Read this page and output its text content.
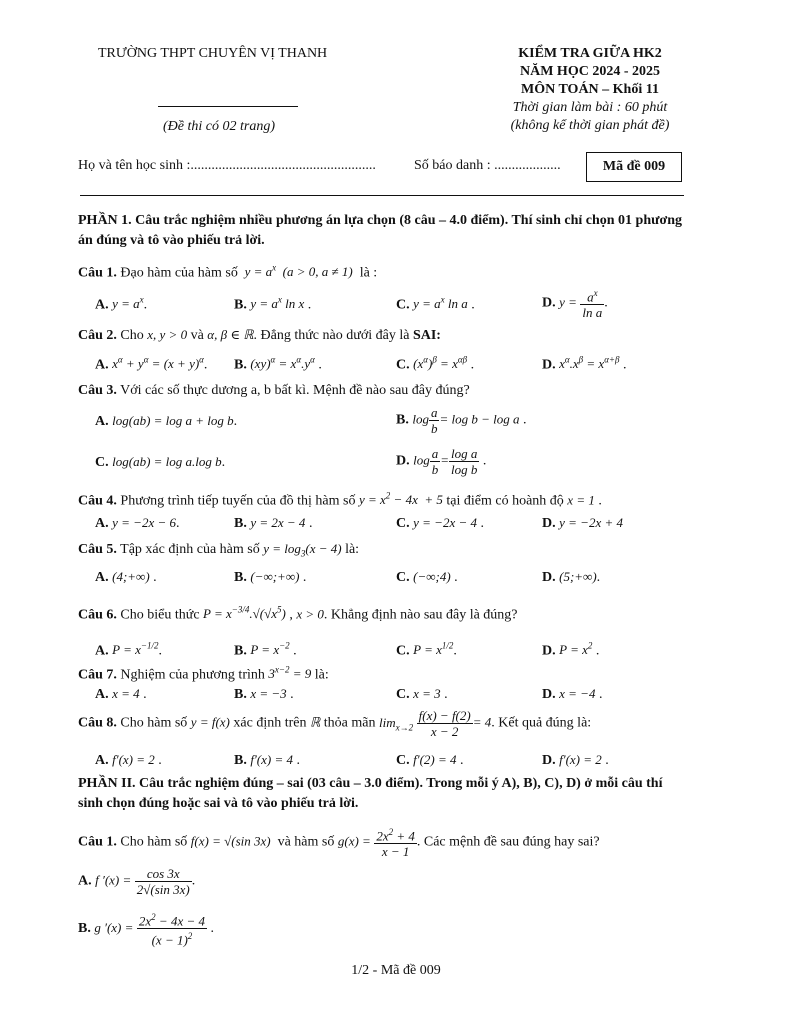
TRƯỜNG THPT CHUYÊN VỊ THANH
(Đề thi có 02 trang)
KIỂM TRA GIỮA HK2
NĂM HỌC 2024 - 2025
MÔN TOÁN – Khối 11
Thời gian làm bài : 60 phút
(không kể thời gian phát đề)
Họ và tên học sinh :.....................................................	Số báo danh : ...................	Mã đề 009
PHẦN 1. Câu trắc nghiệm nhiều phương án lựa chọn (8 câu – 4.0 điểm). Thí sinh chỉ chọn 01 phương
án đúng và tô vào phiếu trả lời.
Câu 1. Đạo hàm của hàm số  $y = a^x$  (a > 0, a ≠ 1) là :
A. $y = a^x$.	B. $y = a^x$ ln x .	C. $y = a^x$ ln a .	D. $y = \frac{a^x}{\text{ln a}}$ .
Câu 2. Cho x, y > 0 và α, β ∈ ℝ. Đẳng thức nào dưới đây là SAI:
A. $x^\alpha + y^\alpha = (x + y)^\alpha$. B. $(xy)^\alpha = x^\alpha.y^\alpha$ .	C. $(x^\alpha)^\beta = x^{\alpha\beta}$ .	D. $x^\alpha.x^\beta = x^{\alpha+\beta}$ .
Câu 3. Với các số thực dương a, b bất kì. Mệnh đề nào sau đây đúng?
A. log(ab) = log a + log b.	B. $\log \frac{a}{b} = \log b - \log a$ .
C. log(ab) = log a.log b.	D. $\log \frac{a}{b} = \frac{\text{log a}}{\text{log b}}$ .
Câu 4. Phương trình tiếp tuyến của đồ thị hàm số $y = x^2 - 4x + 5$ tại điểm có hoành độ x = 1 .
A. y = −2x − 6.	B. y = 2x − 4 .	C. y = −2x − 4 .	D. y = −2x + 4
Câu 5. Tập xác định của hàm số $y = \log_3(x - 4)$ là:
A. (4;+∞) .	B. (−∞;+∞) .	C. (−∞;4) .	D. (5;+∞).
Câu 6. Cho biểu thức $P = x^{-3/4}.√(√x^5)$ , x > 0. Khẳng định nào sau đây là đúng?
A. $P = x^{-1/2}$.	B. $P = x^{-2}$ .	C. $P = x^{1/2}$.	D. $P = x^2$ .
Câu 7. Nghiệm của phương trình $3^{x-2} = 9$ là:
A. x = 4 .	B. x = −3 .	C. x = 3 .	D. x = −4 .
Câu 8. Cho hàm số y = f(x) xác định trên ℝ thỏa mãn $\lim_{x\to 2} \frac{f(x) - f(2)}{x - 2} = 4$. Kết quả đúng là:
A. f′(x) = 2 .	B. f′(x) = 4 .	C. f′(2) = 4 .	D. f′(x) = 2 .
PHẦN II. Câu trắc nghiệm đúng – sai (03 câu – 3.0 điểm). Trong mỗi ý A), B), C), D) ở mỗi câu thí
sinh chọn đúng hoặc sai và tô vào phiếu trả lời.
Câu 1. Cho hàm số f(x) = √(sin 3x) và hàm số $g(x) = \frac{2x^2 + 4}{x - 1}$ . Các mệnh đề sau đúng hay sai?
A. f $'(x) = \frac{\cos 3x}{2√(\sin 3x)}$ .
B. g $'(x) = \frac{2x^2 - 4x - 4}{(x - 1)^2}$ .
1/2 - Mã đề 009
